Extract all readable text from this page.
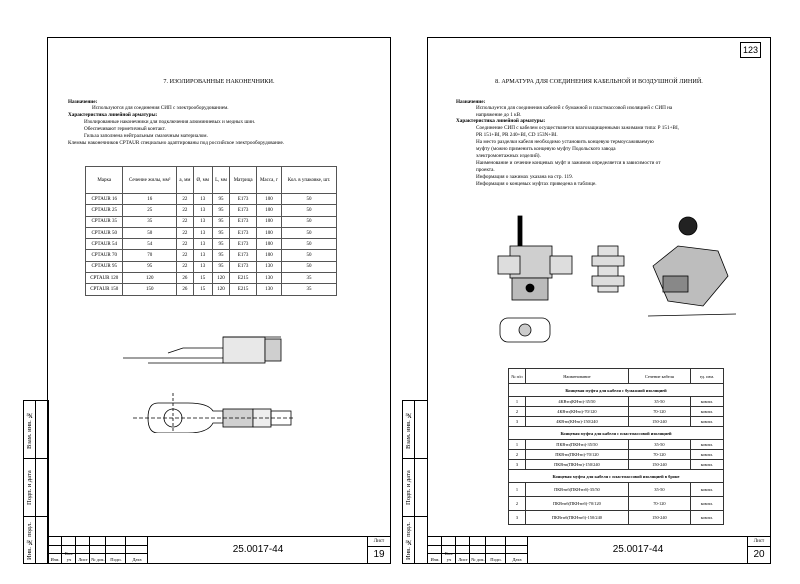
7. ИЗОЛИРОВАННЫЕ НАКОНЕЧНИКИ.
Назначение:
Используются для соединения СИП с электрооборудованием.
Характеристика линейной арматуры:
Изолированные наконечники для подключения алюминиевых и медных шин.
Обеспечивают герметичный контакт.
Гильза заполнена нейтральным смазочным материалом.
Клеммы наконечников CPTAUR специально адаптированы под российское электрооборудование.
Марка	Сечение жилы, мм²	а, мм	Ø, мм	L, мм	Матрица	Масса, г	Кол. в упаковке, шт.
CPTAUR 16	16	22	13	95	E173	100	50
CPTAUR 25	25	22	13	95	E173	100	50
CPTAUR 35	35	22	13	95	E173	100	50
CPTAUR 50	50	22	13	95	E173	100	50
CPTAUR 54	54	22	13	95	E173	100	50
CPTAUR 70	70	22	13	95	E173	100	50
CPTAUR 95	95	22	13	95	E173	130	50
CPTAUR 120	120	26	15	120	E215	130	35
CPTAUR 150	150	26	15	120	E215	130	35
Изм.
Кол. уч	Лист № док.	Подп.	Дата
25.0017-44
Лист
19
Взам. инв. №
Подп. и дата
Инв. № подл.
123
8. АРМАТУРА ДЛЯ СОЕДИНЕНИЯ КАБЕЛЬНОЙ И ВОЗДУШНОЙ ЛИНИЙ.
Назначение:
Используется для соединения кабелей с бумажной и пластмассовой изоляцией с СИП на
напряжение до 1 кВ.
Характеристика линейной арматуры:
Соединение СИП с кабелем осуществляется влагозащищенными зажимами типа: Р 151+BI,
PR 151+BI, PR 240+BI, CD 153N+BI.
На место разделки кабеля необходимо установить концевую термоусаживаемую
муфту (можно применить концевую муфту Подольского завода
электромонтажных изделий).
Наименование и сечение концевых муфт и зажимов определяется в зависимости от
проекта.
Информация о зажимах указана на стр. 119.
Информация о концевых муфтах приведена в таблице.
№ п/п	Наименование	Сечение кабеля	ед. изм.
Концевая муфта для кабеля с бумажной изоляцией			
1	4КВтп(КНтп)-35/50	35-50	компл.
2	4КВтп(КНтп)-70/120	70-120	компл.
3	4КВтп(КНтп)-150/240	150-240	компл.
Концевая муфта для кабеля с пластмассовой изоляцией			
1	ПКВтп(ПКНтп)-35/50	35-50	компл.
2	ПКВтп(ПКНтп)-70/120	70-120	компл.
3	ПКВтп(ПКНтп)-150/240	150-240	компл.
Концевая муфта для кабеля с пластмассовой изоляцией в броне			
1	ПКВтпб(ПКНтпб)-35/50	35-50	компл.
2	ПКВтпб(ПКНтпб)-70/120	70-120	компл.
3	ПКВтпб(ПКНтпб)-150/240	150-240	компл.
Изм.
Кол. уч	Лист № док.	Подп.	Дата
25.0017-44
Лист
20
Взам. инв. №
Подп. и дата
Инв. № подл.
